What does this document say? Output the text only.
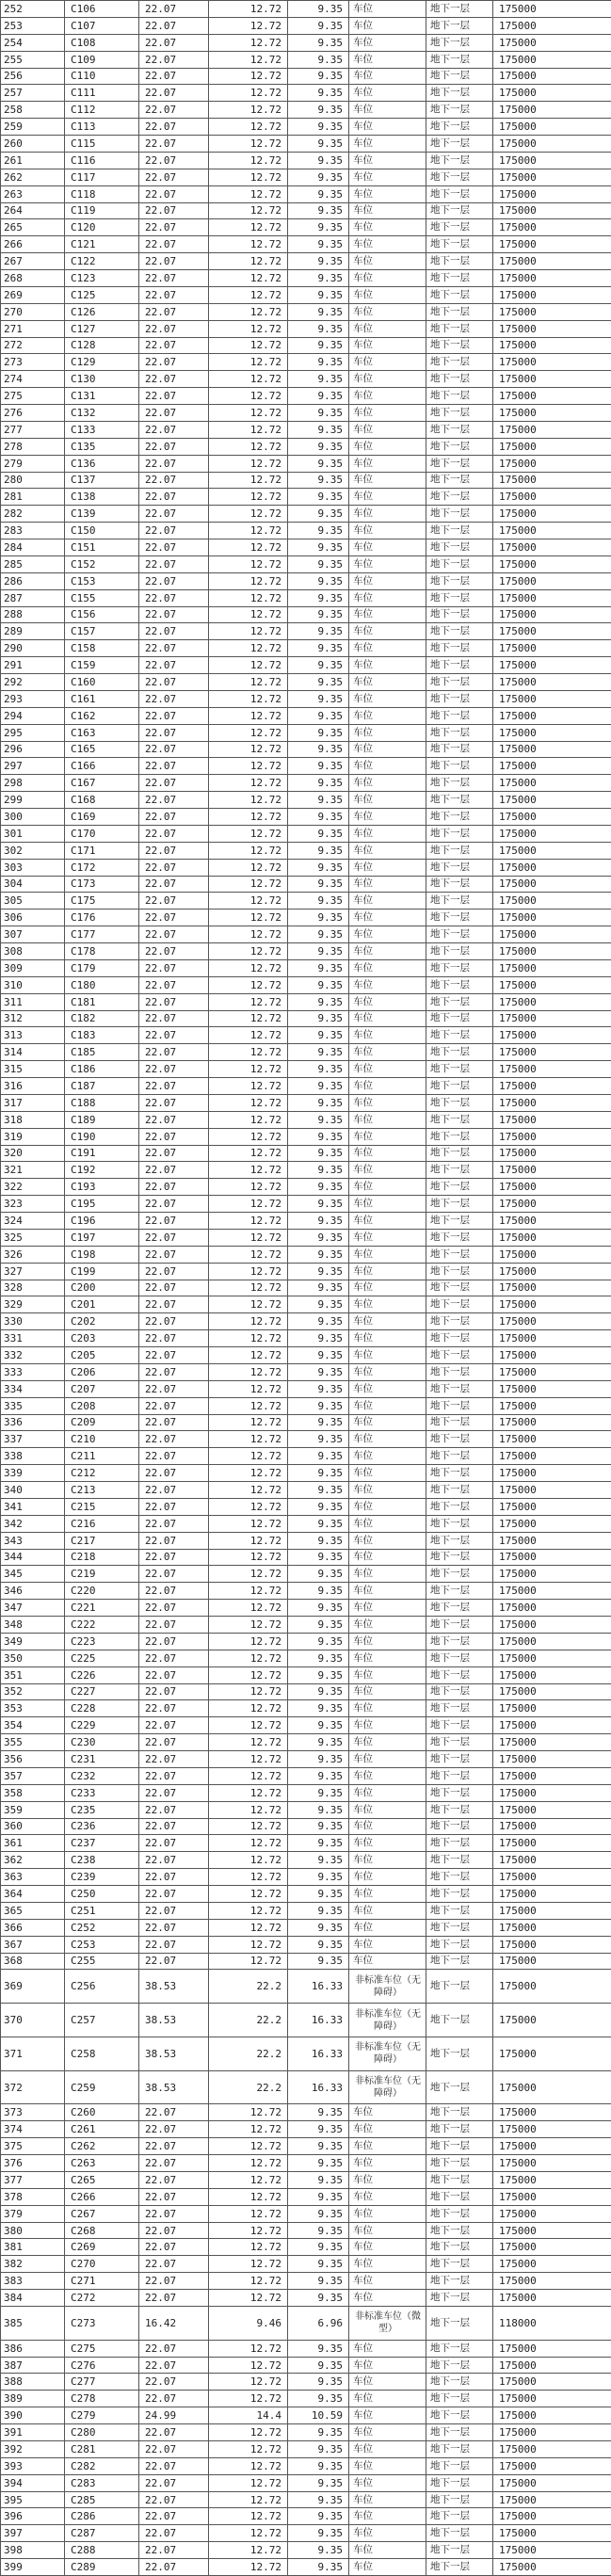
252	C106	22.07	12.72	9.35	车位	地下一层	175000
253	C107	22.07	12.72	9.35	车位	地下一层	175000
254	C108	22.07	12.72	9.35	车位	地下一层	175000
255	C109	22.07	12.72	9.35	车位	地下一层	175000
256	C110	22.07	12.72	9.35	车位	地下一层	175000
257	C111	22.07	12.72	9.35	车位	地下一层	175000
258	C112	22.07	12.72	9.35	车位	地下一层	175000
259	C113	22.07	12.72	9.35	车位	地下一层	175000
260	C115	22.07	12.72	9.35	车位	地下一层	175000
261	C116	22.07	12.72	9.35	车位	地下一层	175000
262	C117	22.07	12.72	9.35	车位	地下一层	175000
263	C118	22.07	12.72	9.35	车位	地下一层	175000
264	C119	22.07	12.72	9.35	车位	地下一层	175000
265	C120	22.07	12.72	9.35	车位	地下一层	175000
266	C121	22.07	12.72	9.35	车位	地下一层	175000
267	C122	22.07	12.72	9.35	车位	地下一层	175000
268	C123	22.07	12.72	9.35	车位	地下一层	175000
269	C125	22.07	12.72	9.35	车位	地下一层	175000
270	C126	22.07	12.72	9.35	车位	地下一层	175000
271	C127	22.07	12.72	9.35	车位	地下一层	175000
272	C128	22.07	12.72	9.35	车位	地下一层	175000
273	C129	22.07	12.72	9.35	车位	地下一层	175000
274	C130	22.07	12.72	9.35	车位	地下一层	175000
275	C131	22.07	12.72	9.35	车位	地下一层	175000
276	C132	22.07	12.72	9.35	车位	地下一层	175000
277	C133	22.07	12.72	9.35	车位	地下一层	175000
278	C135	22.07	12.72	9.35	车位	地下一层	175000
279	C136	22.07	12.72	9.35	车位	地下一层	175000
280	C137	22.07	12.72	9.35	车位	地下一层	175000
281	C138	22.07	12.72	9.35	车位	地下一层	175000
282	C139	22.07	12.72	9.35	车位	地下一层	175000
283	C150	22.07	12.72	9.35	车位	地下一层	175000
284	C151	22.07	12.72	9.35	车位	地下一层	175000
285	C152	22.07	12.72	9.35	车位	地下一层	175000
286	C153	22.07	12.72	9.35	车位	地下一层	175000
287	C155	22.07	12.72	9.35	车位	地下一层	175000
288	C156	22.07	12.72	9.35	车位	地下一层	175000
289	C157	22.07	12.72	9.35	车位	地下一层	175000
290	C158	22.07	12.72	9.35	车位	地下一层	175000
291	C159	22.07	12.72	9.35	车位	地下一层	175000
292	C160	22.07	12.72	9.35	车位	地下一层	175000
293	C161	22.07	12.72	9.35	车位	地下一层	175000
294	C162	22.07	12.72	9.35	车位	地下一层	175000
295	C163	22.07	12.72	9.35	车位	地下一层	175000
296	C165	22.07	12.72	9.35	车位	地下一层	175000
297	C166	22.07	12.72	9.35	车位	地下一层	175000
298	C167	22.07	12.72	9.35	车位	地下一层	175000
299	C168	22.07	12.72	9.35	车位	地下一层	175000
300	C169	22.07	12.72	9.35	车位	地下一层	175000
301	C170	22.07	12.72	9.35	车位	地下一层	175000
302	C171	22.07	12.72	9.35	车位	地下一层	175000
303	C172	22.07	12.72	9.35	车位	地下一层	175000
304	C173	22.07	12.72	9.35	车位	地下一层	175000
305	C175	22.07	12.72	9.35	车位	地下一层	175000
306	C176	22.07	12.72	9.35	车位	地下一层	175000
307	C177	22.07	12.72	9.35	车位	地下一层	175000
308	C178	22.07	12.72	9.35	车位	地下一层	175000
309	C179	22.07	12.72	9.35	车位	地下一层	175000
310	C180	22.07	12.72	9.35	车位	地下一层	175000
311	C181	22.07	12.72	9.35	车位	地下一层	175000
312	C182	22.07	12.72	9.35	车位	地下一层	175000
313	C183	22.07	12.72	9.35	车位	地下一层	175000
314	C185	22.07	12.72	9.35	车位	地下一层	175000
315	C186	22.07	12.72	9.35	车位	地下一层	175000
316	C187	22.07	12.72	9.35	车位	地下一层	175000
317	C188	22.07	12.72	9.35	车位	地下一层	175000
318	C189	22.07	12.72	9.35	车位	地下一层	175000
319	C190	22.07	12.72	9.35	车位	地下一层	175000
320	C191	22.07	12.72	9.35	车位	地下一层	175000
321	C192	22.07	12.72	9.35	车位	地下一层	175000
322	C193	22.07	12.72	9.35	车位	地下一层	175000
323	C195	22.07	12.72	9.35	车位	地下一层	175000
324	C196	22.07	12.72	9.35	车位	地下一层	175000
325	C197	22.07	12.72	9.35	车位	地下一层	175000
326	C198	22.07	12.72	9.35	车位	地下一层	175000
327	C199	22.07	12.72	9.35	车位	地下一层	175000
328	C200	22.07	12.72	9.35	车位	地下一层	175000
329	C201	22.07	12.72	9.35	车位	地下一层	175000
330	C202	22.07	12.72	9.35	车位	地下一层	175000
331	C203	22.07	12.72	9.35	车位	地下一层	175000
332	C205	22.07	12.72	9.35	车位	地下一层	175000
333	C206	22.07	12.72	9.35	车位	地下一层	175000
334	C207	22.07	12.72	9.35	车位	地下一层	175000
335	C208	22.07	12.72	9.35	车位	地下一层	175000
336	C209	22.07	12.72	9.35	车位	地下一层	175000
337	C210	22.07	12.72	9.35	车位	地下一层	175000
338	C211	22.07	12.72	9.35	车位	地下一层	175000
339	C212	22.07	12.72	9.35	车位	地下一层	175000
340	C213	22.07	12.72	9.35	车位	地下一层	175000
341	C215	22.07	12.72	9.35	车位	地下一层	175000
342	C216	22.07	12.72	9.35	车位	地下一层	175000
343	C217	22.07	12.72	9.35	车位	地下一层	175000
344	C218	22.07	12.72	9.35	车位	地下一层	175000
345	C219	22.07	12.72	9.35	车位	地下一层	175000
346	C220	22.07	12.72	9.35	车位	地下一层	175000
347	C221	22.07	12.72	9.35	车位	地下一层	175000
348	C222	22.07	12.72	9.35	车位	地下一层	175000
349	C223	22.07	12.72	9.35	车位	地下一层	175000
350	C225	22.07	12.72	9.35	车位	地下一层	175000
351	C226	22.07	12.72	9.35	车位	地下一层	175000
352	C227	22.07	12.72	9.35	车位	地下一层	175000
353	C228	22.07	12.72	9.35	车位	地下一层	175000
354	C229	22.07	12.72	9.35	车位	地下一层	175000
355	C230	22.07	12.72	9.35	车位	地下一层	175000
356	C231	22.07	12.72	9.35	车位	地下一层	175000
357	C232	22.07	12.72	9.35	车位	地下一层	175000
358	C233	22.07	12.72	9.35	车位	地下一层	175000
359	C235	22.07	12.72	9.35	车位	地下一层	175000
360	C236	22.07	12.72	9.35	车位	地下一层	175000
361	C237	22.07	12.72	9.35	车位	地下一层	175000
362	C238	22.07	12.72	9.35	车位	地下一层	175000
363	C239	22.07	12.72	9.35	车位	地下一层	175000
364	C250	22.07	12.72	9.35	车位	地下一层	175000
365	C251	22.07	12.72	9.35	车位	地下一层	175000
366	C252	22.07	12.72	9.35	车位	地下一层	175000
367	C253	22.07	12.72	9.35	车位	地下一层	175000
368	C255	22.07	12.72	9.35	车位	地下一层	175000
369	C256	38.53	22.2	16.33	非标准车位（无障碍）	地下一层	175000
370	C257	38.53	22.2	16.33	非标准车位（无障碍）	地下一层	175000
371	C258	38.53	22.2	16.33	非标准车位（无障碍）	地下一层	175000
372	C259	38.53	22.2	16.33	非标准车位（无障碍）	地下一层	175000
373	C260	22.07	12.72	9.35	车位	地下一层	175000
374	C261	22.07	12.72	9.35	车位	地下一层	175000
375	C262	22.07	12.72	9.35	车位	地下一层	175000
376	C263	22.07	12.72	9.35	车位	地下一层	175000
377	C265	22.07	12.72	9.35	车位	地下一层	175000
378	C266	22.07	12.72	9.35	车位	地下一层	175000
379	C267	22.07	12.72	9.35	车位	地下一层	175000
380	C268	22.07	12.72	9.35	车位	地下一层	175000
381	C269	22.07	12.72	9.35	车位	地下一层	175000
382	C270	22.07	12.72	9.35	车位	地下一层	175000
383	C271	22.07	12.72	9.35	车位	地下一层	175000
384	C272	22.07	12.72	9.35	车位	地下一层	175000
385	C273	16.42	9.46	6.96	非标准车位（微型）	地下一层	118000
386	C275	22.07	12.72	9.35	车位	地下一层	175000
387	C276	22.07	12.72	9.35	车位	地下一层	175000
388	C277	22.07	12.72	9.35	车位	地下一层	175000
389	C278	22.07	12.72	9.35	车位	地下一层	175000
390	C279	24.99	14.4	10.59	车位	地下一层	175000
391	C280	22.07	12.72	9.35	车位	地下一层	175000
392	C281	22.07	12.72	9.35	车位	地下一层	175000
393	C282	22.07	12.72	9.35	车位	地下一层	175000
394	C283	22.07	12.72	9.35	车位	地下一层	175000
395	C285	22.07	12.72	9.35	车位	地下一层	175000
396	C286	22.07	12.72	9.35	车位	地下一层	175000
397	C287	22.07	12.72	9.35	车位	地下一层	175000
398	C288	22.07	12.72	9.35	车位	地下一层	175000
399	C289	22.07	12.72	9.35	车位	地下一层	175000
